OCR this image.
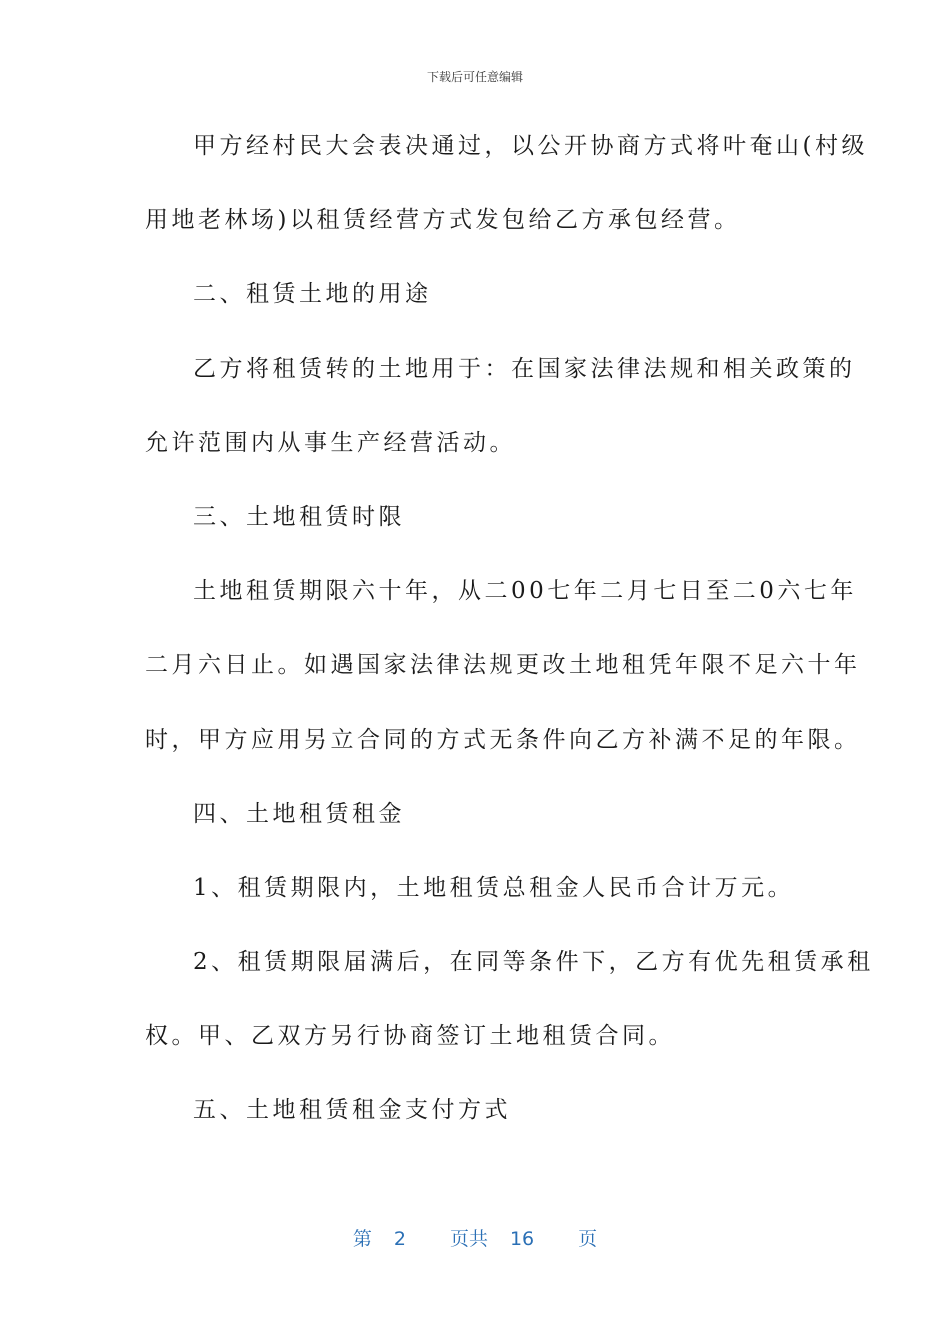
下载后可任意编辑
甲方经村民大会表决通过，以公开协商方式将叶奄山(村级
用地老林场)以租赁经营方式发包给乙方承包经营。
二、租赁土地的用途
乙方将租赁转的土地用于：在国家法律法规和相关政策的
允许范围内从事生产经营活动。
三、土地租赁时限
土地租赁期限六十年，从二00七年二月七日至二0六七年
二月六日止。如遇国家法律法规更改土地租凭年限不足六十年
时，甲方应用另立合同的方式无条件向乙方补满不足的年限。
四、土地租赁租金
1、租赁期限内，土地租赁总租金人民币合计万元。
2、租赁期限届满后，在同等条件下，乙方有优先租赁承租
权。甲、乙双方另行协商签订土地租赁合同。
五、土地租赁租金支付方式
第 2 页共 16 页
